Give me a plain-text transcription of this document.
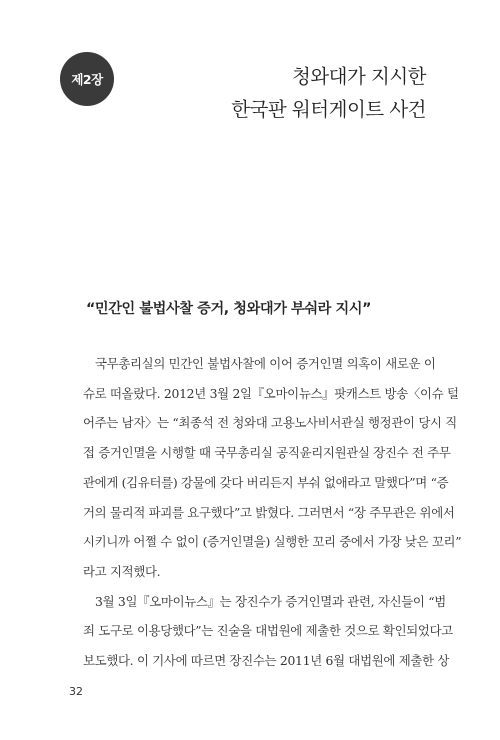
제2장	청와대가 지시한
한국판 워터게이트 사건
“민간인 불법사찰 증거, 청와대가 부숴라 지시”
국무총리실의 민간인 불법사찰에 이어 증거인멸 의혹이 새로운 이
슈로 떠올랐다. 2012년 3월 2일『오마이뉴스』팟캐스트 방송〈이슈 털
어주는 남자〉는 “최종석 전 청와대 고용노사비서관실 행정관이 당시 직
접 증거인멸을 시행할 때 국무총리실 공직윤리지원관실 장진수 전 주무
관에게 (김유터를) 강물에 갖다 버리든지 부숴 없애라고 말했다”며 “증
거의 물리적 파괴를 요구했다”고 밝혔다. 그러면서 “장 주무관은 위에서
시키니까 어쩔 수 없이 (증거인멸을) 실행한 꼬리 중에서 가장 낮은 꼬리”
라고 지적했다.
3월 3일『오마이뉴스』는 장진수가 증거인멸과 관련, 자신들이 “범
죄 도구로 이용당했다”는 진술을 대법원에 제출한 것으로 확인되었다고
보도했다. 이 기사에 따르면 장진수는 2011년 6월 대법원에 제출한 상
32
